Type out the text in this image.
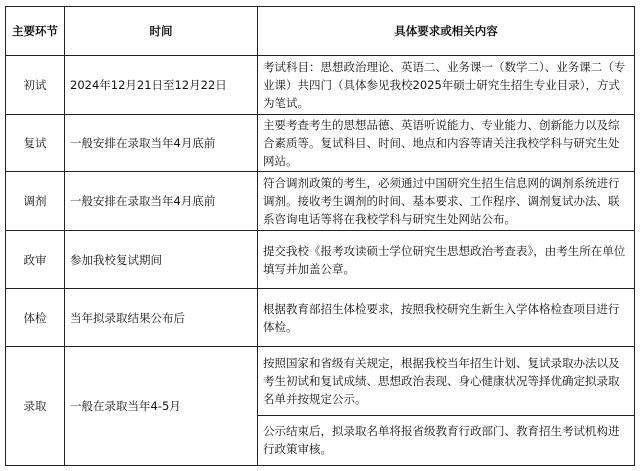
主要环节	时间	具体要求或相关内容
初试	2024年12月21日至12月22日	考试科目：思想政治理论、英语二、业务课一（数学二）、业务课二（专业课）共四门（具体参见我校2025年硕士研究生招生专业目录），方式为笔试。
复试	一般安排在录取当年4月底前	主要考查考生的思想品德、英语听说能力、专业能力、创新能力以及综合素质等。复试科目、时间、地点和内容等请关注我校学科与研究生处网站。
调剂	一般安排在录取当年4月底前	符合调剂政策的考生，必须通过中国研究生招生信息网的调剂系统进行调剂。接收考生调剂的时间、基本要求、工作程序、调剂复试办法、联系咨询电话等将在我校学科与研究生处网站公布。
政审	参加我校复试期间	提交我校《报考攻读硕士学位研究生思想政治考查表》，由考生所在单位填写并加盖公章。
体检	当年拟录取结果公布后	根据教育部招生体检要求，按照我校研究生新生入学体格检查项目进行体检。
录取	一般在录取当年4-5月	按照国家和省级有关规定，根据我校当年招生计划、复试录取办法以及考生初试和复试成绩、思想政治表现、身心健康状况等择优确定拟录取名单并按规定公示。
		公示结束后，拟录取名单将报省级教育行政部门、教育招生考试机构进行政策审核。
